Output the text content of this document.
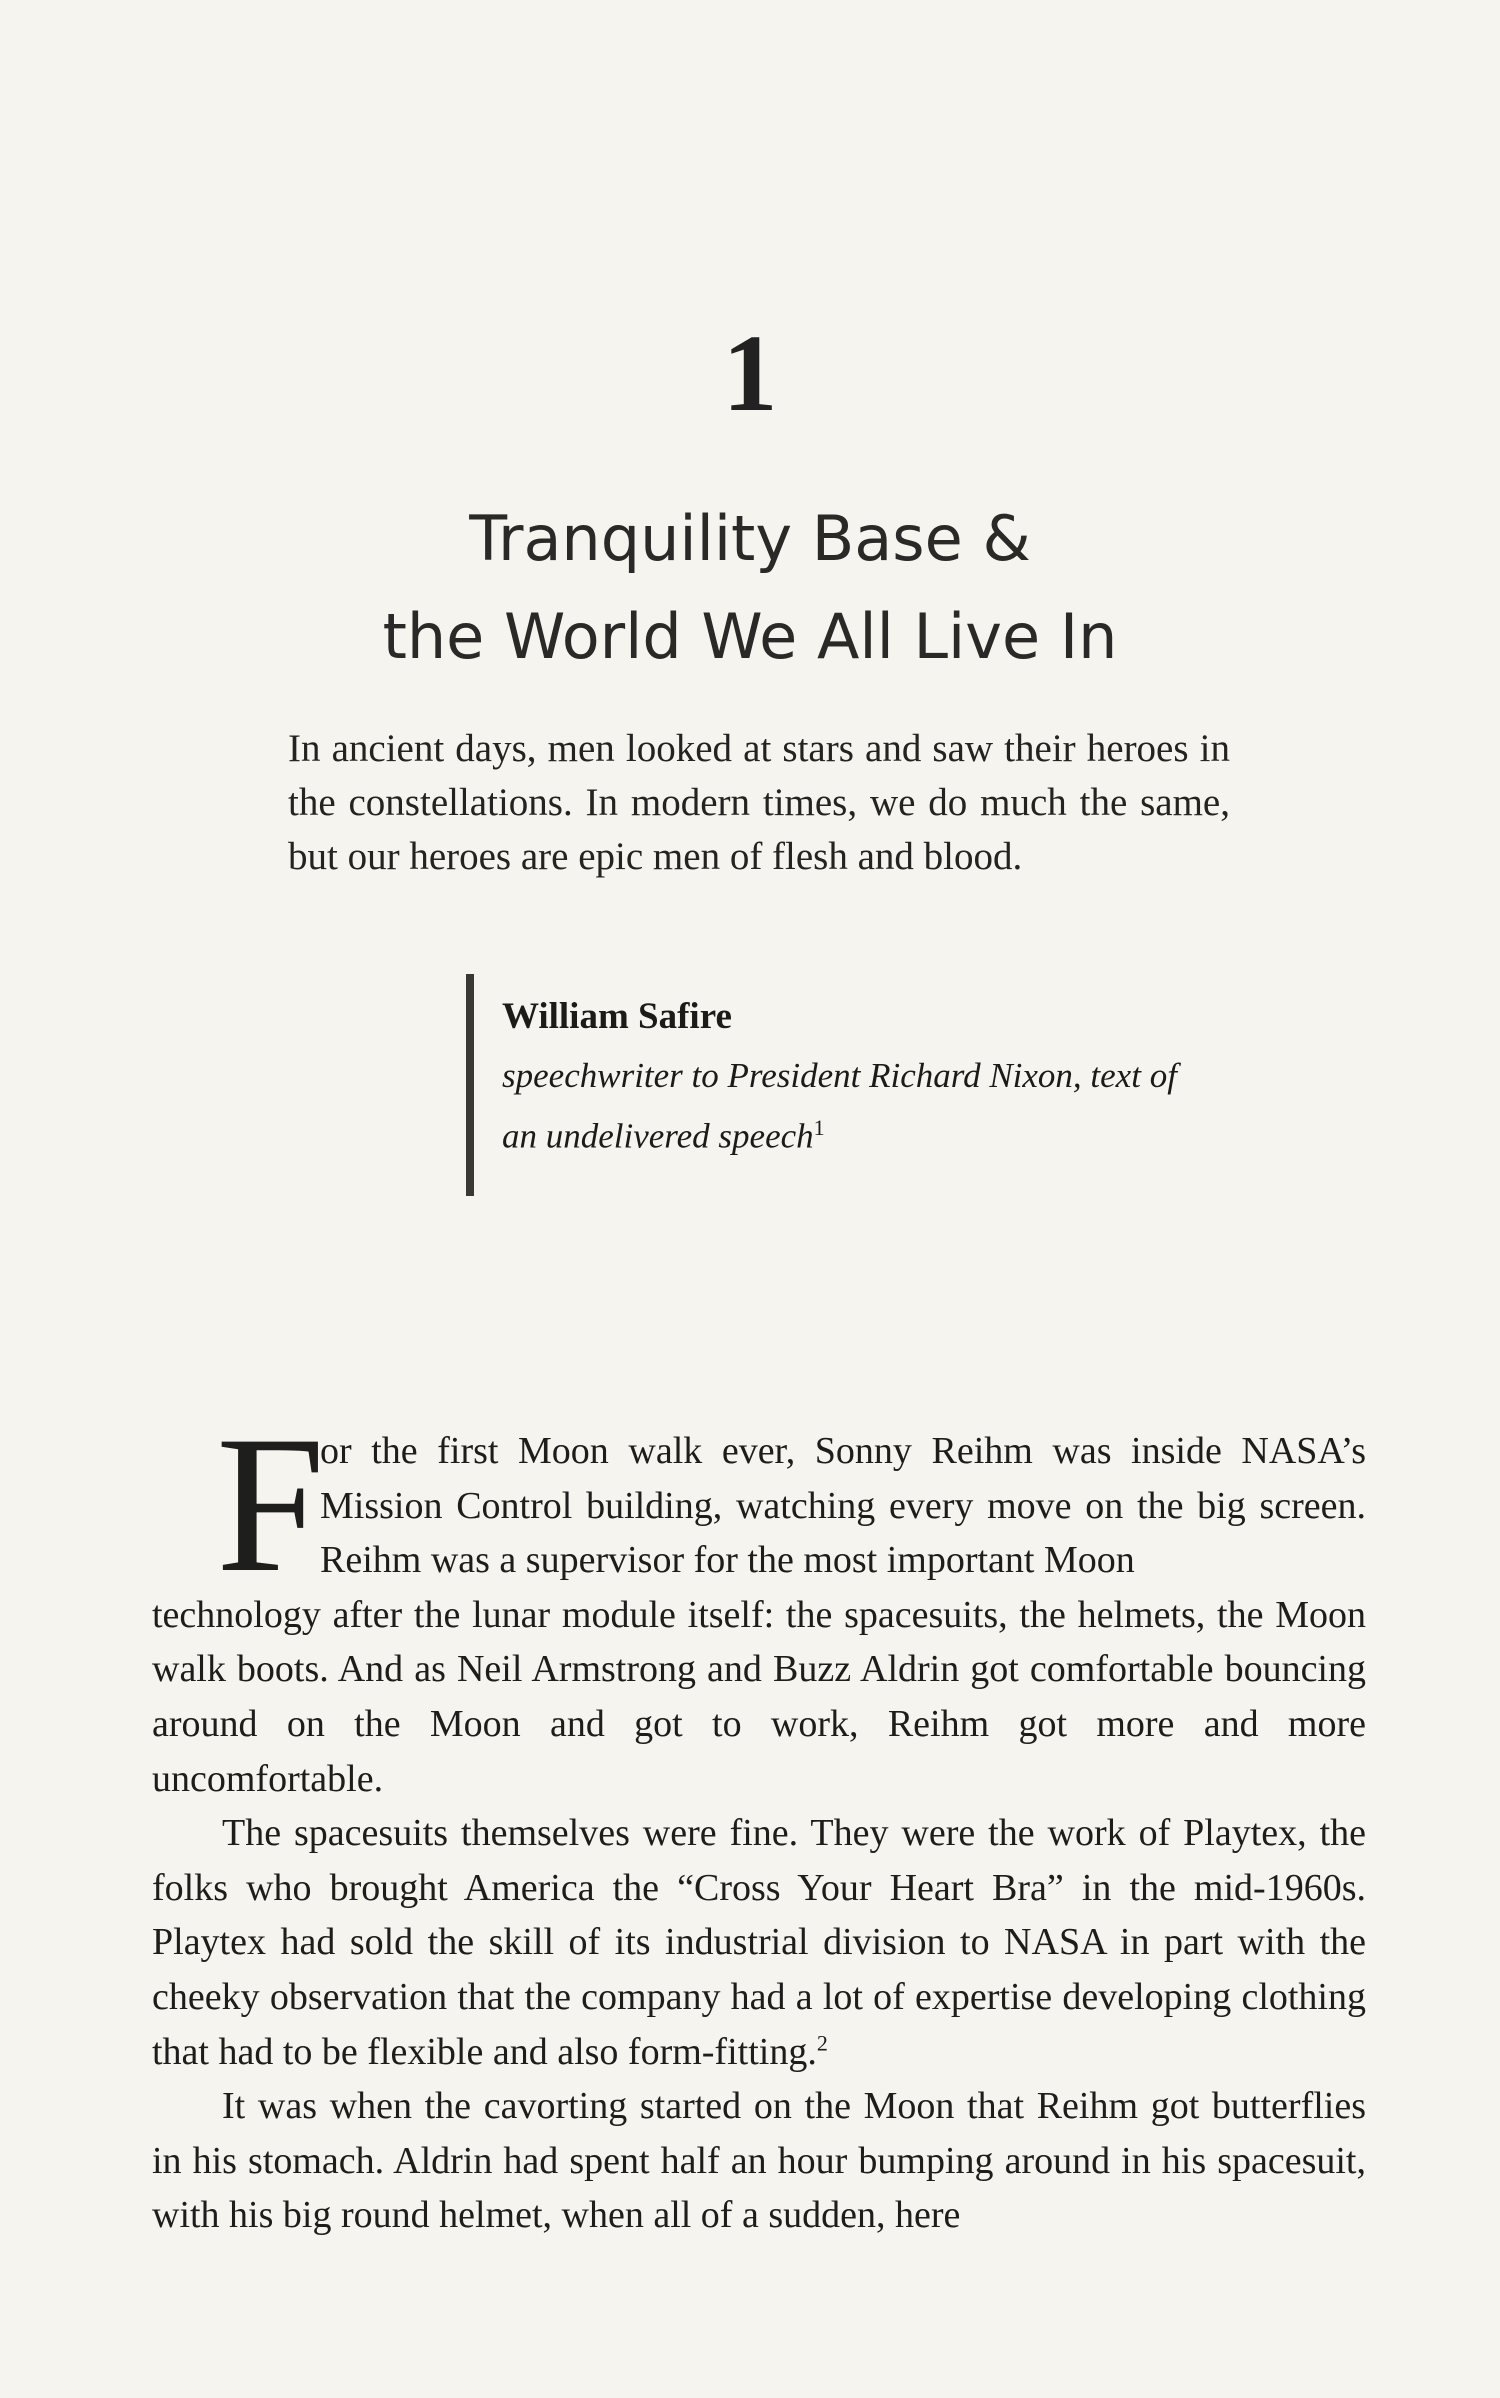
1
Tranquility Base &
the World We All Live In
In ancient days, men looked at stars and saw their heroes in the constellations. In modern times, we do much the same, but our heroes are epic men of flesh and blood.
William Safire
speechwriter to President Richard Nixon, text of
an undelivered speech$^1$
F

or the first Moon walk ever, Sonny Reihm was inside NASA’s Mission Control building, watching every move on the big screen. Reihm was a supervisor for the most important Moon
technology after the lunar module itself: the spacesuits, the helmets, the Moon walk boots. And as Neil Armstrong and Buzz Aldrin got comfortable bouncing around on the Moon and got to work, Reihm got more and more uncomfortable.

The spacesuits themselves were fine. They were the work of Playtex, the folks who brought America the “Cross Your Heart Bra” in the mid-1960s. Playtex had sold the skill of its industrial division to NASA in part with the cheeky observation that the company had a lot of expertise developing clothing that had to be flexible and also form-fitting.$^2$

It was when the cavorting started on the Moon that Reihm got butterflies in his stomach. Aldrin had spent half an hour bumping around in his spacesuit, with his big round helmet, when all of a sudden, here
